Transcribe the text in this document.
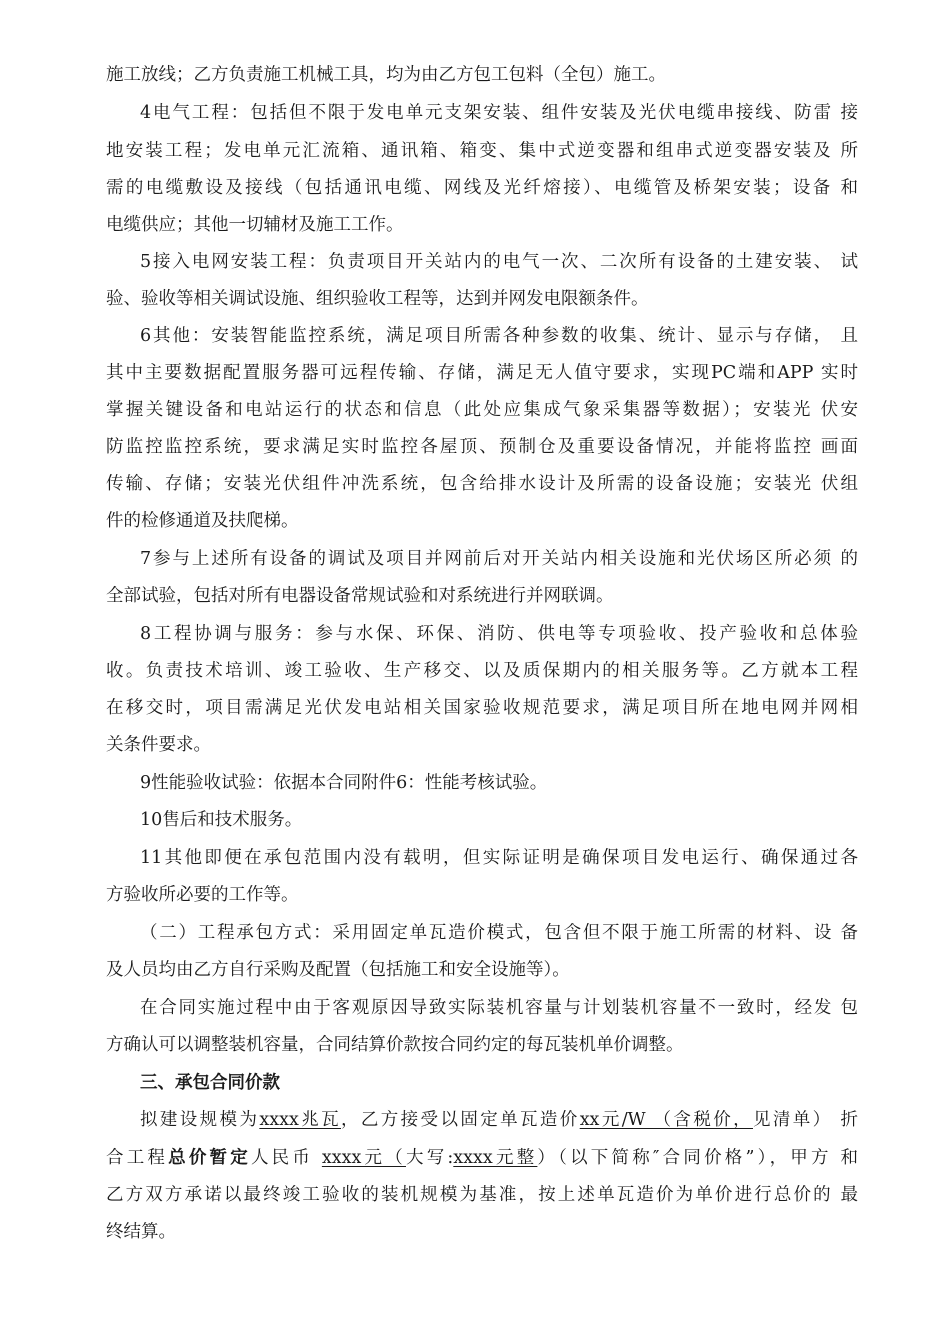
施工放线；乙方负责施工机械工具，均为由乙方包工包料（全包）施工。
4电气工程：包括但不限于发电单元支架安装、组件安装及光伏电缆串接线、防雷 接
地安装工程；发电单元汇流箱、通讯箱、箱变、集中式逆变器和组串式逆变器安装及 所
需的电缆敷设及接线（包括通讯电缆、网线及光纤熔接）、电缆管及桥架安装；设备 和
电缆供应；其他一切辅材及施工工作。
5接入电网安装工程：负责项目开关站内的电气一次、二次所有设备的土建安装、 试
验、验收等相关调试设施、组织验收工程等，达到并网发电限额条件。
6其他：安装智能监控系统，满足项目所需各种参数的收集、统计、显示与存储， 且
其中主要数据配置服务器可远程传输、存储，满足无人值守要求，实现PC端和APP 实时
掌握关键设备和电站运行的状态和信息（此处应集成气象采集器等数据）；安装光 伏安
防监控监控系统，要求满足实时监控各屋顶、预制仓及重要设备情况，并能将监控 画面
传输、存储；安装光伏组件冲洗系统，包含给排水设计及所需的设备设施；安装光 伏组
件的检修通道及扶爬梯。
7参与上述所有设备的调试及项目并网前后对开关站内相关设施和光伏场区所必须 的
全部试验，包括对所有电器设备常规试验和对系统进行并网联调。
8工程协调与服务：参与水保、环保、消防、供电等专项验收、投产验收和总体验
收。负责技术培训、竣工验收、生产移交、以及质保期内的相关服务等。乙方就本工程
在移交时，项目需满足光伏发电站相关国家验收规范要求，满足项目所在地电网并网相
关条件要求。
9性能验收试验：依据本合同附件6：性能考核试验。
10售后和技术服务。
11其他即便在承包范围内没有载明，但实际证明是确保项目发电运行、确保通过各
方验收所必要的工作等。
（二）工程承包方式：采用固定单瓦造价模式，包含但不限于施工所需的材料、设 备
及人员均由乙方自行采购及配置（包括施工和安全设施等）。
在合同实施过程中由于客观原因导致实际装机容量与计划装机容量不一致时，经发 包
方确认可以调整装机容量，合同结算价款按合同约定的每瓦装机单价调整。
三、承包合同价款
拟建设规模为xxxx兆瓦，乙方接受以固定单瓦造价xx元/W （含税价，见清单） 折
合工程总价暂定人民币 xxxx元（大写:xxxx元整）（以下简称″合同价格”），甲方 和
乙方双方承诺以最终竣工验收的装机规模为基准，按上述单瓦造价为单价进行总价的 最
终结算。
